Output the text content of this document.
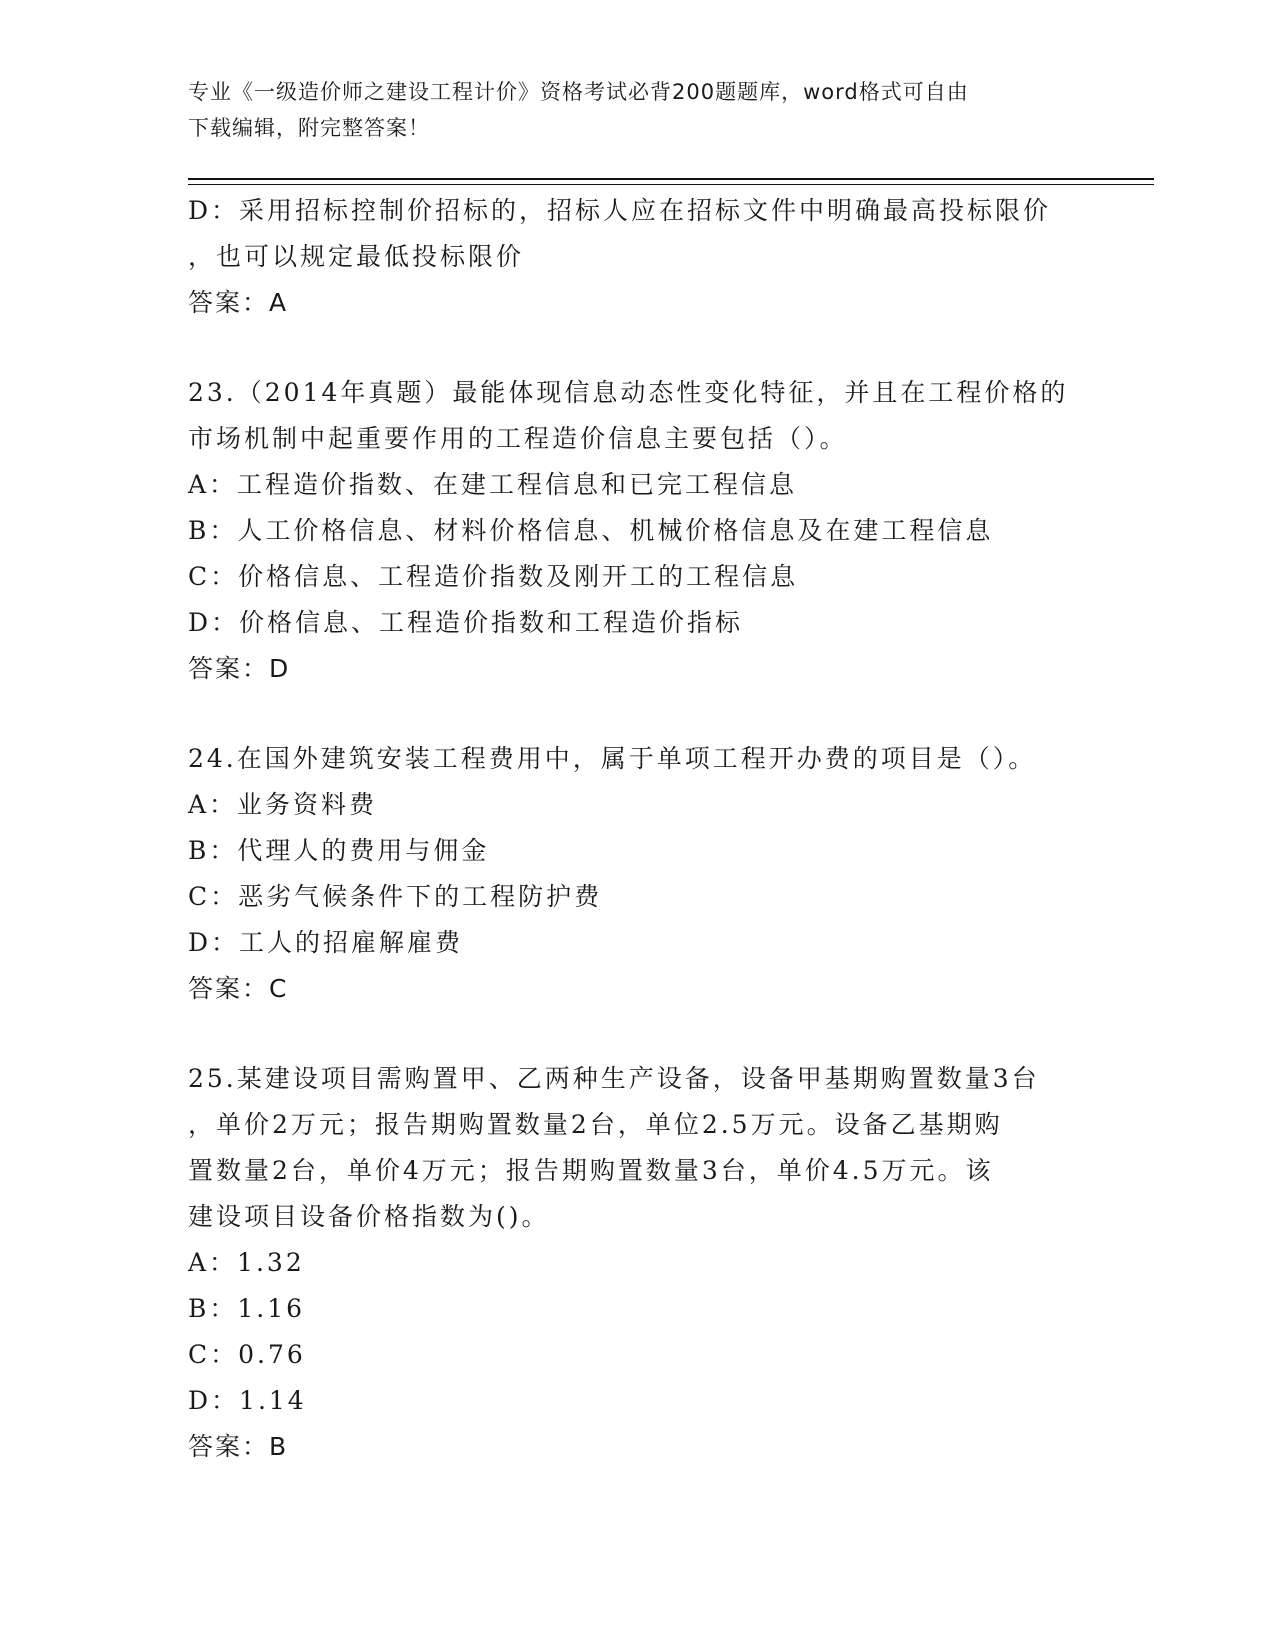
专业《一级造价师之建设工程计价》资格考试必背200题题库，word格式可自由
下载编辑，附完整答案！
D：采用招标控制价招标的，招标人应在招标文件中明确最高投标限价
，也可以规定最低投标限价
答案：A
23.（2014年真题）最能体现信息动态性变化特征，并且在工程价格的
市场机制中起重要作用的工程造价信息主要包括（）。
A：工程造价指数、在建工程信息和已完工程信息
B：人工价格信息、材料价格信息、机械价格信息及在建工程信息
C：价格信息、工程造价指数及刚开工的工程信息
D：价格信息、工程造价指数和工程造价指标
答案：D
24.在国外建筑安装工程费用中，属于单项工程开办费的项目是（）。
A：业务资料费
B：代理人的费用与佣金
C：恶劣气候条件下的工程防护费
D：工人的招雇解雇费
答案：C
25.某建设项目需购置甲、乙两种生产设备，设备甲基期购置数量3台
，单价2万元；报告期购置数量2台，单位2.5万元。设备乙基期购
置数量2台，单价4万元；报告期购置数量3台，单价4.5万元。该
建设项目设备价格指数为()。
A：1.32
B：1.16
C：0.76
D：1.14
答案：B
